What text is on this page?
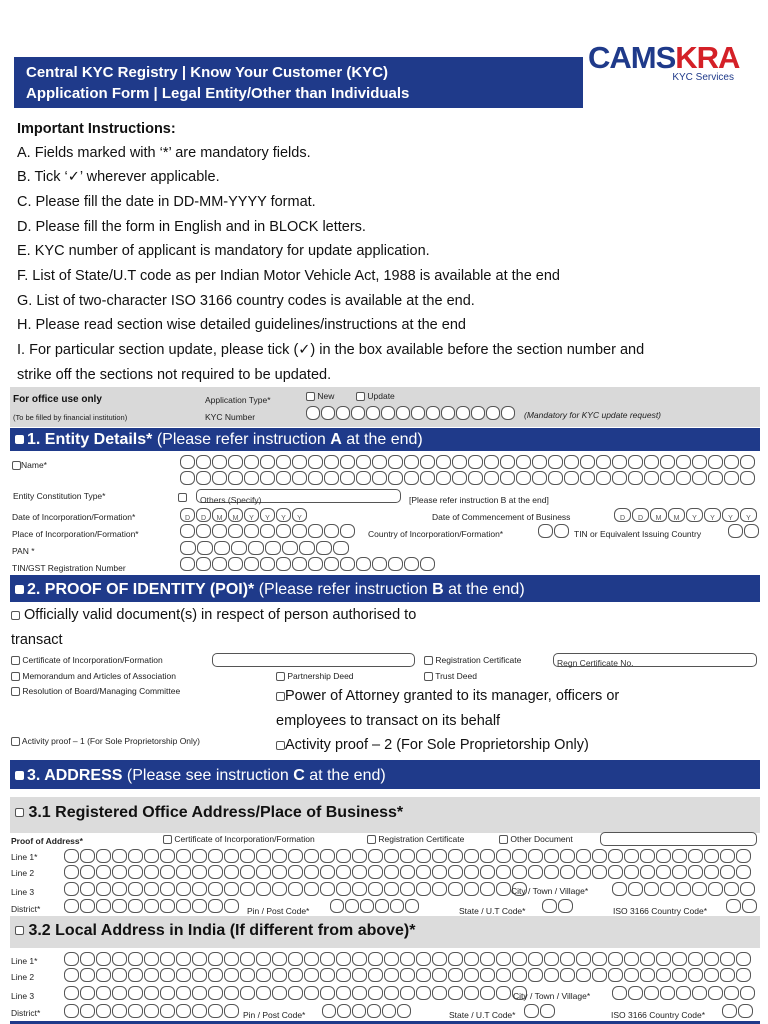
Central KYC Registry | Know Your Customer (KYC)
Application Form | Legal Entity/Other than Individuals
CAMSKRA
KYC Services
Important Instructions:
A. Fields marked with ‘*’ are mandatory fields.
B. Tick ‘✓’ wherever applicable.
C. Please fill the date in DD-MM-YYYY format.
D. Please fill the form in English and in BLOCK letters.
E. KYC number of applicant is mandatory for update application.
F. List of State/U.T code as per Indian Motor Vehicle Act, 1988 is available at the end
G. List of two-character ISO 3166 country codes is available at the end.
H. Please read section wise detailed guidelines/instructions at the end
I. For particular section update, please tick (✓) in the box available before the section number and
strike off the sections not required to be updated.
For office use only
(To be filled by financial institution)
Application Type*	New	Update
KYC Number	(Mandatory for KYC update request)
1. Entity Details* (Please refer instruction A at the end)
Name*
Entity Constitution Type*	Others (Specify)	[Please refer instruction B at the end]
Date of Incorporation/Formation*	D	D	M	M	Y	Y	Y	Y	Date of Commencement of Business	D	D	M	M	Y	Y	Y	Y
Place of Incorporation/Formation*	Country of Incorporation/Formation*	TIN or Equivalent Issuing Country
PAN *
TIN/GST Registration Number
2. PROOF OF IDENTITY (POI)* (Please refer instruction B at the end)
Officially valid document(s) in respect of person authorised to
transact
Certificate of Incorporation/Formation	Registration Certificate	Regn Certificate No.
Memorandum and Articles of Association	Partnership Deed	Trust Deed
Resolution of Board/Managing Committee	Power of Attorney granted to its manager, officers or
employees to transact on its behalf
Activity proof – 1 (For Sole Proprietorship Only)	Activity proof – 2 (For Sole Proprietorship Only)
3. ADDRESS (Please see instruction C at the end)
3.1 Registered Office Address/Place of Business*
Proof of Address*	Certificate of Incorporation/Formation	Registration Certificate	Other Document
Line 1*
Line 2
Line 3	City / Town / Village*
District*	Pin / Post Code*	State / U.T Code*	ISO 3166 Country Code*
3.2 Local Address in India (If different from above)*
Line 1*
Line 2
Line 3	City / Town / Village*
District*	Pin / Post Code*	State / U.T Code*	ISO 3166 Country Code*
